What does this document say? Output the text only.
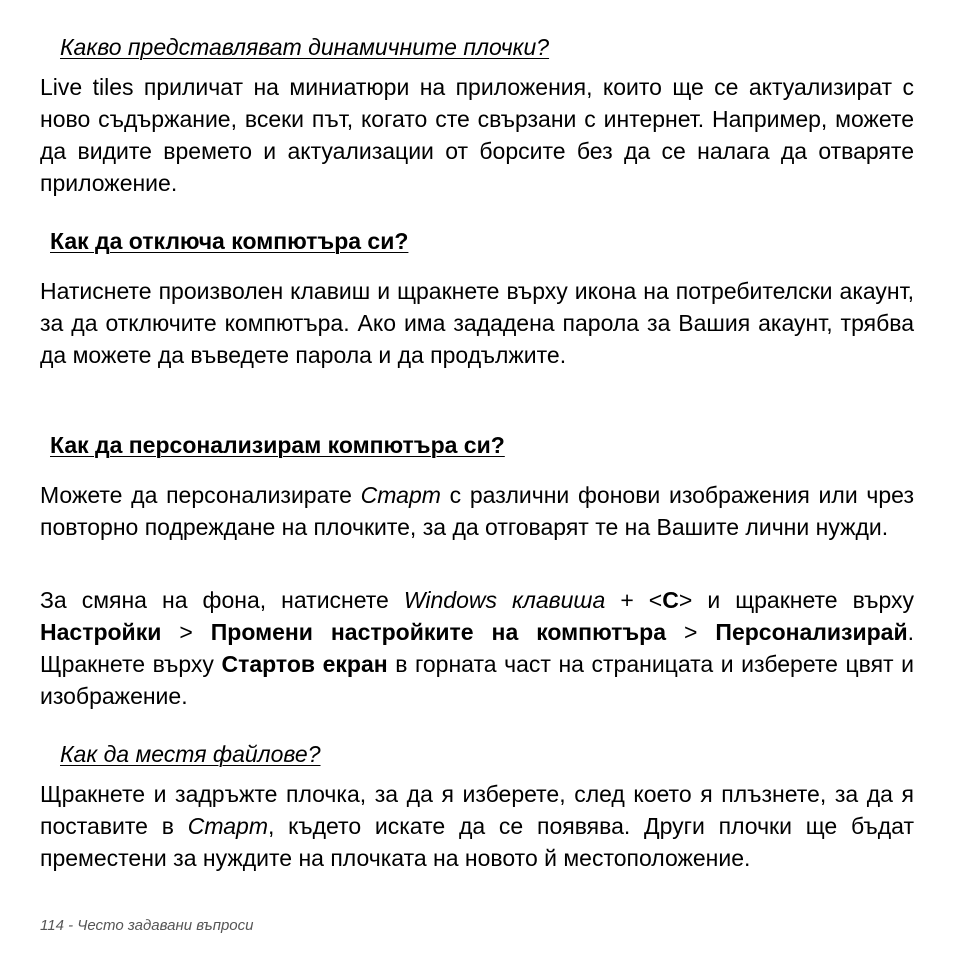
Какво представляват динамичните плочки?

Live tiles приличат на миниатюри на приложения, които ще се актуализират с ново съдържание, всеки път, когато сте свързани с интернет. Например, можете да видите времето и актуализации от борсите без да се налага да отваряте приложение.

Как да отключа компютъра си?

Натиснете произволен клавиш и щракнете върху икона на потребителски акаунт, за да отключите компютъра. Ако има зададена парола за Вашия акаунт, трябва да можете да въведете парола и да продължите.

Как да персонализирам компютъра си?

Можете да персонализирате Старт с различни фонови изображения или чрез повторно подреждане на плочките, за да отговарят те на Вашите лични нужди.

За смяна на фона, натиснете Windows клавиша + <C> и щракнете върху Настройки > Промени настройките на компютъра > Персонализирай. Щракнете върху Стартов екран в горната част на страницата и изберете цвят и изображение.

Как да местя файлове?

Щракнете и задръжте плочка, за да я изберете, след което я плъзнете, за да я поставите в Старт, където искате да се появява. Други плочки ще бъдат преместени за нуждите на плочката на новото й местоположение.

114 - Често задавани въпроси
